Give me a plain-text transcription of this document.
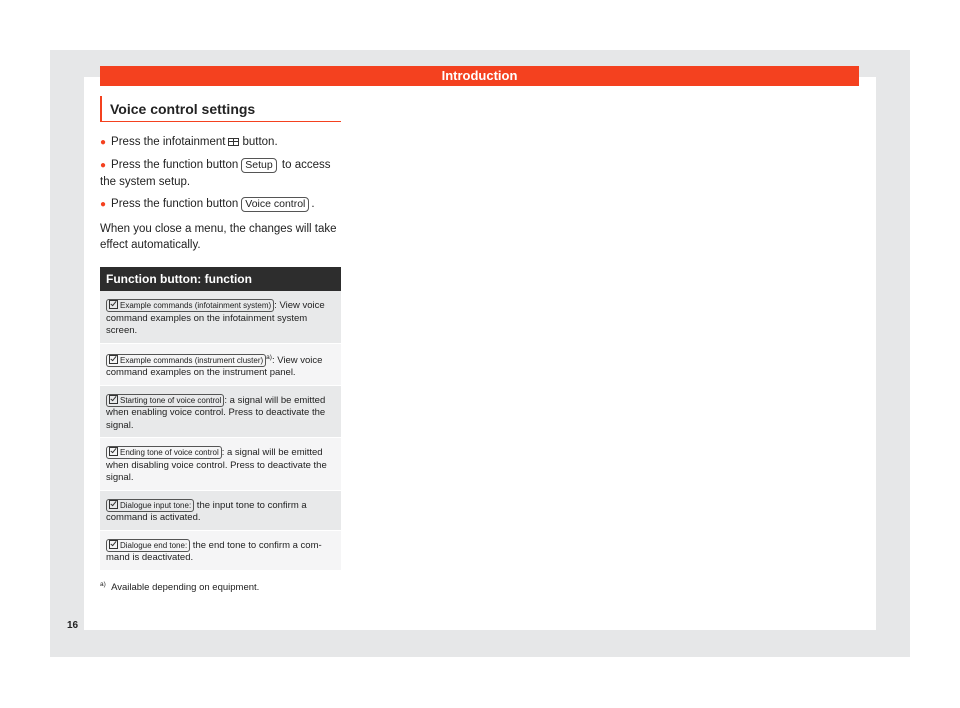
Introduction
Voice control settings
● Press the infotainment button.
● Press the function button Setup to access the system setup.
● Press the function button Voice control .
When you close a menu, the changes will take effect automatically.
Function button: function
Example commands (infotainment system) : View voice command examples on the infotainment system screen.
Example commands (instrument cluster) $^{a)}$: View voice command examples on the instrument panel.
Starting tone of voice control : a signal will be emitted when enabling voice control. Press to deactivate the signal.
Ending tone of voice control : a signal will be emitted when disabling voice control. Press to deactivate the signal.
Dialogue input tone: the input tone to confirm a command is activated.
Dialogue end tone: the end tone to confirm a com-mand is deactivated.
$^{a)}$ Available depending on equipment.
16
